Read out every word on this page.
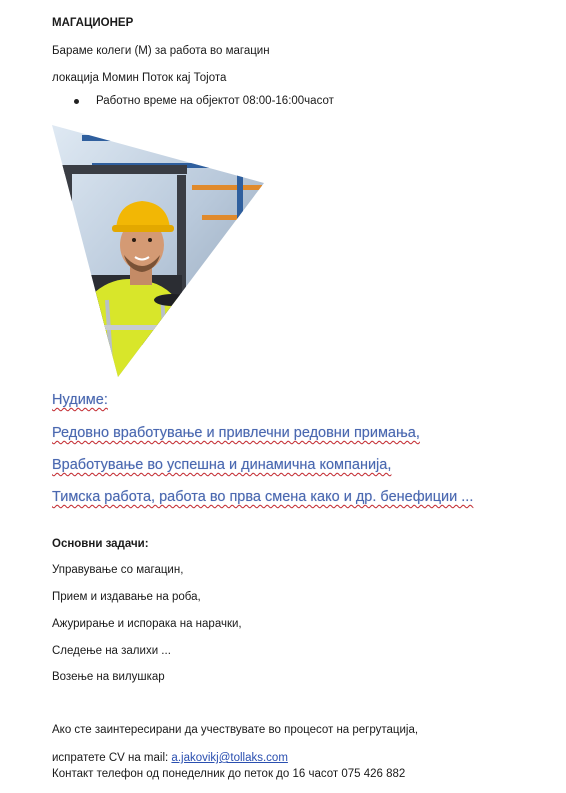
МАГАЦИОНЕР
Бараме колеги (М) за работа во магацин
локација Момин Поток кај Тојота
Работно време на објектот 08:00-16:00часот
Нудиме:
Редовно вработување и привлечни редовни примања,
Вработување во успешна и динамична компанија,
Тимска работа, работа во прва смена како и др. бенефиции ...
Основни задачи:
Управување со магацин,
Прием и издавање на роба,
Ажурирање и испорака на нарачки,
Следење на залихи ...
Возење на вилушкар
Ако сте заинтересирани да учествувате во процесот на регрутација,
испратете CV на mail: a.jakovikj@tollaks.com
Контакт телефон од понеделник до петок до 16 часот 075 426 882
